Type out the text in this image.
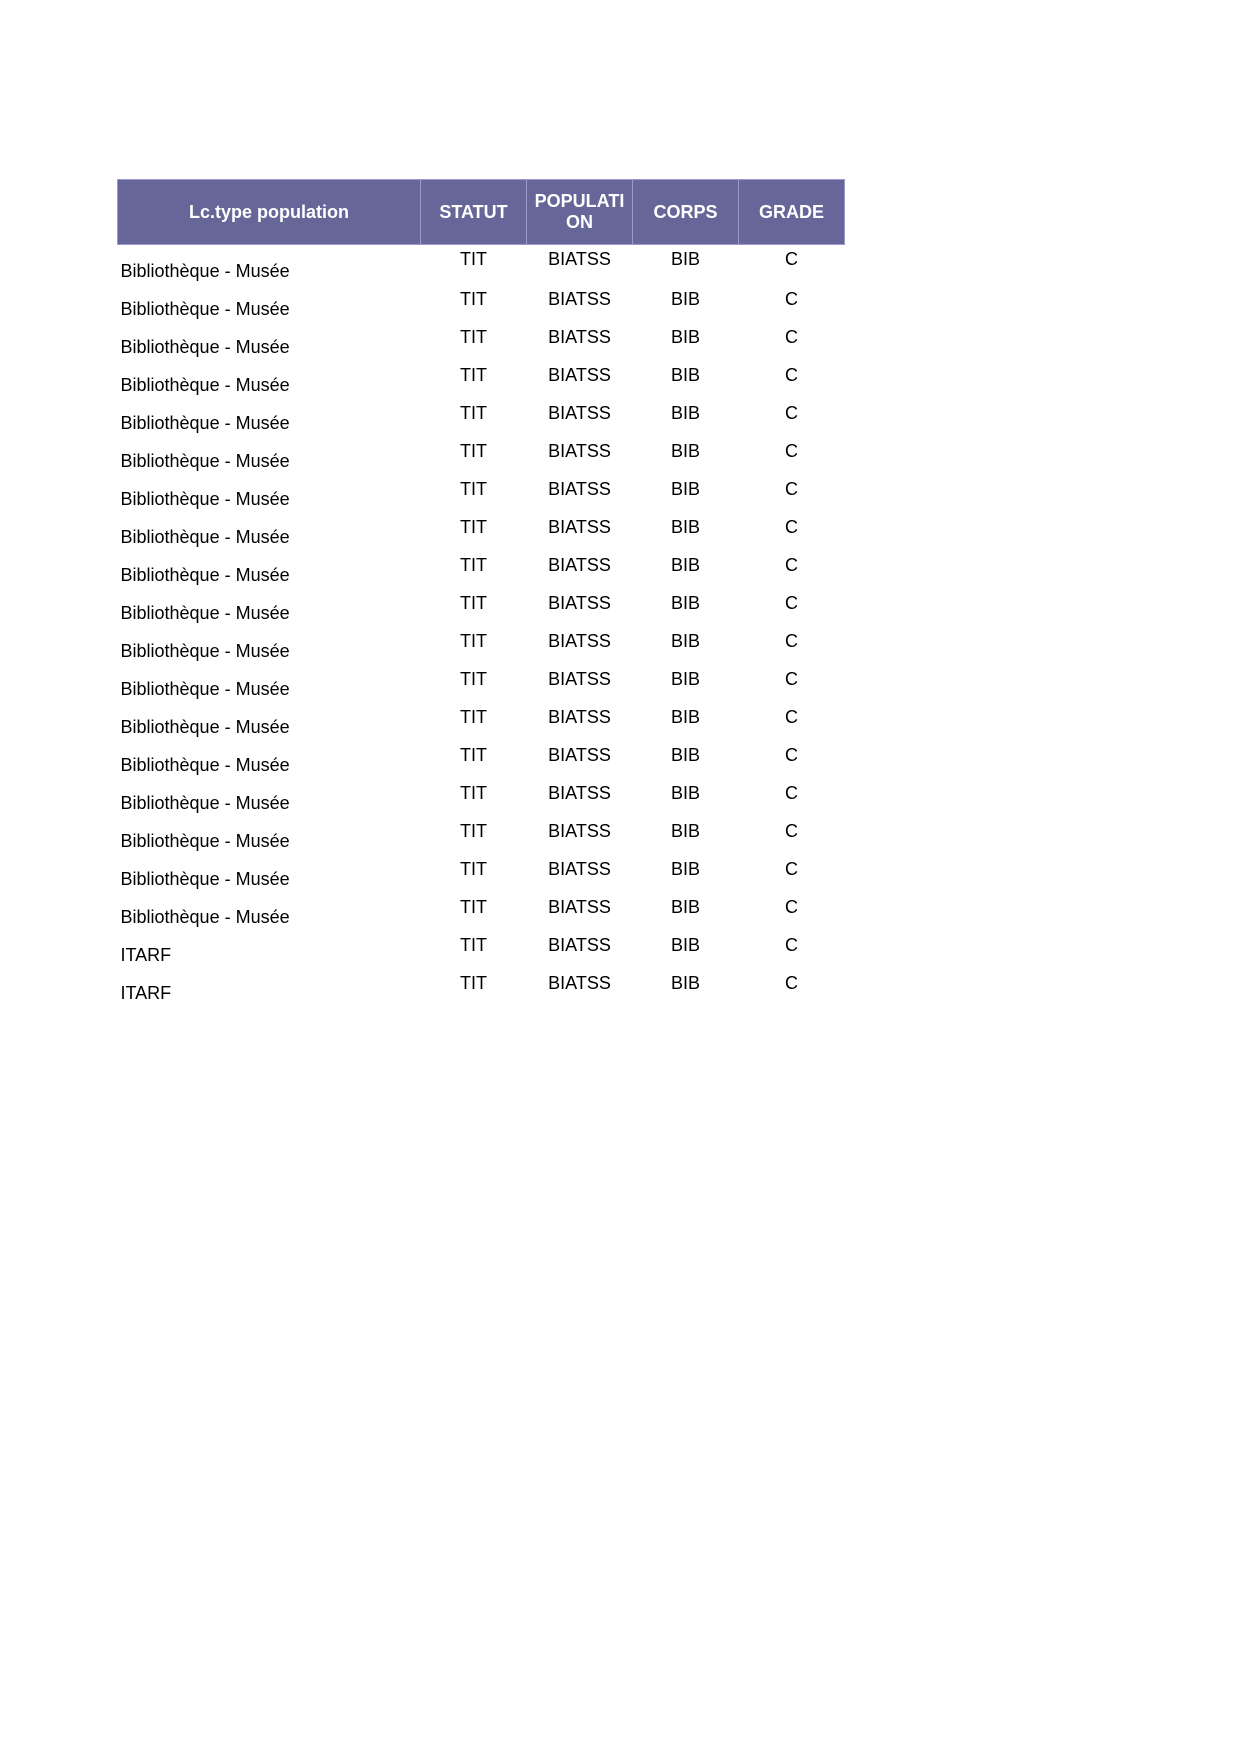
Lc.type population	STATUT	POPULATION	CORPS	GRADE
Bibliothèque - Musée	TIT	BIATSS	BIB	C
Bibliothèque - Musée	TIT	BIATSS	BIB	C
Bibliothèque - Musée	TIT	BIATSS	BIB	C
Bibliothèque - Musée	TIT	BIATSS	BIB	C
Bibliothèque - Musée	TIT	BIATSS	BIB	C
Bibliothèque - Musée	TIT	BIATSS	BIB	C
Bibliothèque - Musée	TIT	BIATSS	BIB	C
Bibliothèque - Musée	TIT	BIATSS	BIB	C
Bibliothèque - Musée	TIT	BIATSS	BIB	C
Bibliothèque - Musée	TIT	BIATSS	BIB	C
Bibliothèque - Musée	TIT	BIATSS	BIB	C
Bibliothèque - Musée	TIT	BIATSS	BIB	C
Bibliothèque - Musée	TIT	BIATSS	BIB	C
Bibliothèque - Musée	TIT	BIATSS	BIB	C
Bibliothèque - Musée	TIT	BIATSS	BIB	C
Bibliothèque - Musée	TIT	BIATSS	BIB	C
Bibliothèque - Musée	TIT	BIATSS	BIB	C
Bibliothèque - Musée	TIT	BIATSS	BIB	C
ITARF	TIT	BIATSS	BIB	C
ITARF	TIT	BIATSS	BIB	C
